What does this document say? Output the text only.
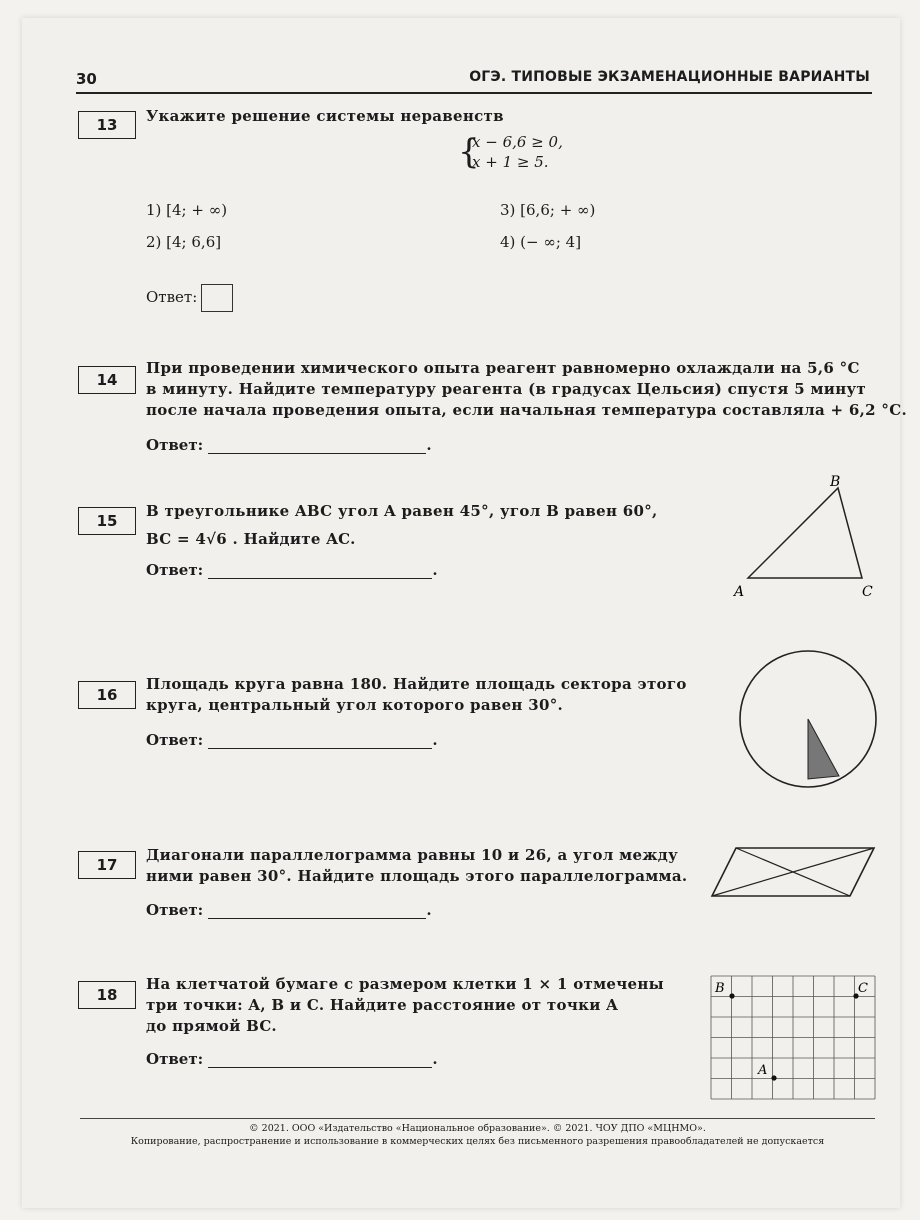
30	ОГЭ. ТИПОВЫЕ ЭКЗАМЕНАЦИОННЫЕ ВАРИАНТЫ
13	Укажите решение системы неравенств
{
x − 6,6 ≥ 0,
x + 1 ≥ 5.
1) [4; + ∞)
2) [4; 6,6]
3) [6,6; + ∞)
4) (− ∞; 4]
Ответ:
14
При проведении химического опыта реагент равномерно охлаждали на 5,6 °С
в минуту. Найдите температуру реагента (в градусах Цельсия) спустя 5 минут
после начала проведения опыта, если начальная температура составляла + 6,2 °С.
Ответ:	.
15
В треугольнике ABC угол A равен 45°, угол B равен 60°,
BC = 4√6 . Найдите AC.
Ответ:	.
A
B
C
16
Площадь круга равна 180. Найдите площадь сектора этого
круга, центральный угол которого равен 30°.
Ответ:	.
17
Диагонали параллелограмма равны 10 и 26, а угол между
ними равен 30°. Найдите площадь этого параллелограмма.
Ответ:	.
18
На клетчатой бумаге с размером клетки 1 × 1 отмечены
три точки: A, B и C. Найдите расстояние от точки A
до прямой BC.
Ответ:	.
B	C
A
© 2021. ООО «Издательство «Национальное образование». © 2021. ЧОУ ДПО «МЦНМО».
Копирование, распространение и использование в коммерческих целях без письменного разрешения правообладателей не допускается
